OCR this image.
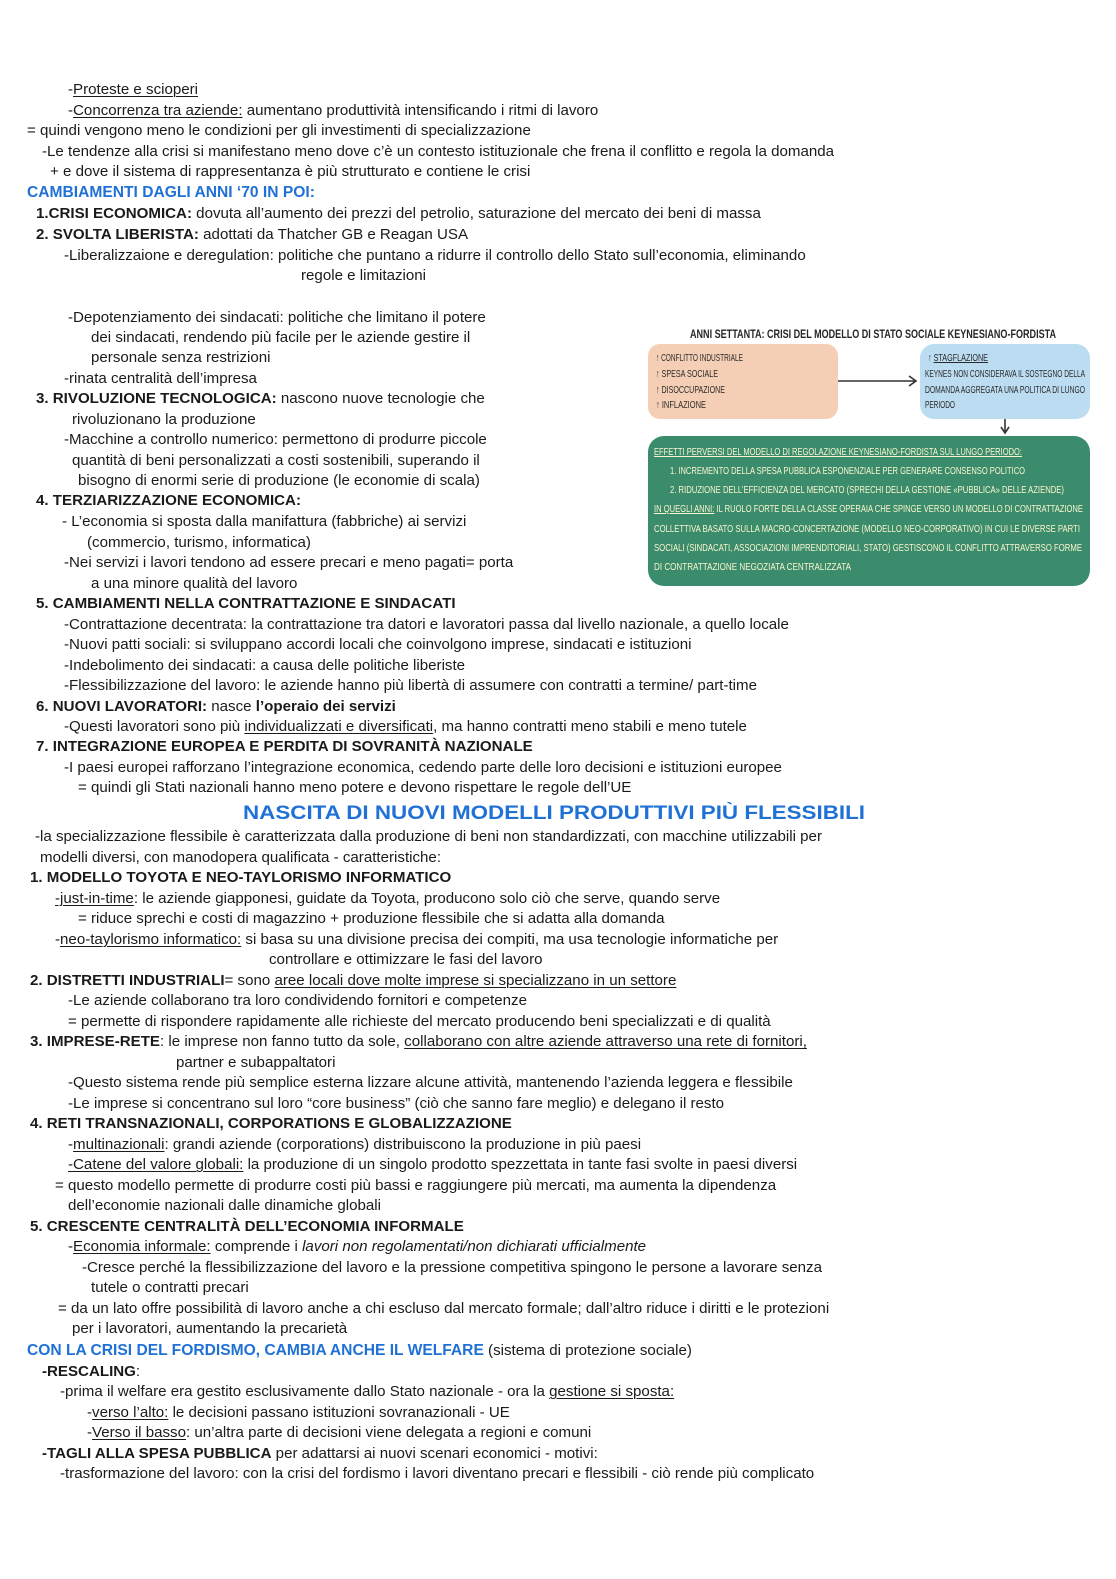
-Proteste e scioperi
-Concorrenza tra aziende: aumentano produttività intensificando i ritmi di lavoro
= quindi vengono meno le condizioni per gli investimenti di specializzazione
-Le tendenze alla crisi si manifestano meno dove c’è un contesto istituzionale che frena il conflitto e regola la domanda
+ e dove il sistema di rappresentanza è più strutturato e contiene le crisi
CAMBIAMENTI DAGLI ANNI ‘70 IN POI:
1.CRISI ECONOMICA: dovuta all’aumento dei prezzi del petrolio, saturazione del mercato dei beni di massa
2. SVOLTA LIBERISTA: adottati da Thatcher GB e Reagan USA
-Liberalizzaione e deregulation: politiche che puntano a ridurre il controllo dello Stato sull’economia, eliminando
regole e limitazioni
-Depotenziamento dei sindacati: politiche che limitano il potere
dei sindacati, rendendo più facile per le aziende gestire il
personale senza restrizioni
-rinata centralità dell’impresa
3. RIVOLUZIONE TECNOLOGICA: nascono nuove tecnologie che
rivoluzionano la produzione
-Macchine a controllo numerico: permettono di produrre piccole
quantità di beni personalizzati a costi sostenibili, superando il
bisogno di enormi serie di produzione (le economie di scala)
4. TERZIARIZZAZIONE ECONOMICA:
- L’economia si sposta dalla manifattura (fabbriche) ai servizi
(commercio, turismo, informatica)
-Nei servizi i lavori tendono ad essere precari e meno pagati= porta
a una minore qualità del lavoro
5. CAMBIAMENTI NELLA CONTRATTAZIONE E SINDACATI
-Contrattazione decentrata: la contrattazione tra datori e lavoratori passa dal livello nazionale, a quello locale
-Nuovi patti sociali: si sviluppano accordi locali che coinvolgono imprese, sindacati e istituzioni
-Indebolimento dei sindacati: a causa delle politiche liberiste
-Flessibilizzazione del lavoro: le aziende hanno più libertà di assumere con contratti a termine/ part-time
6. NUOVI LAVORATORI: nasce l’operaio dei servizi
-Questi lavoratori sono più individualizzati e diversificati, ma hanno contratti meno stabili e meno tutele
7. INTEGRAZIONE EUROPEA E PERDITA DI SOVRANITÀ NAZIONALE
-I paesi europei rafforzano l’integrazione economica, cedendo parte delle loro decisioni e istituzioni europee
= quindi gli Stati nazionali hanno meno potere e devono rispettare le regole dell’UE
NASCITA DI NUOVI MODELLI PRODUTTIVI PIÙ FLESSIBILI
-la specializzazione flessibile è caratterizzata dalla produzione di beni non standardizzati, con macchine utilizzabili per
modelli diversi, con manodopera qualificata - caratteristiche:
1. MODELLO TOYOTA E NEO-TAYLORISMO INFORMATICO
-just-in-time: le aziende giapponesi, guidate da Toyota, producono solo ciò che serve, quando serve
= riduce sprechi e costi di magazzino + produzione flessibile che si adatta alla domanda
-neo-taylorismo informatico: si basa su una divisione precisa dei compiti, ma usa tecnologie informatiche per
controllare e ottimizzare le fasi del lavoro
2. DISTRETTI INDUSTRIALI= sono aree locali dove molte imprese si specializzano in un settore
-Le aziende collaborano tra loro condividendo fornitori e competenze
= permette di rispondere rapidamente alle richieste del mercato producendo beni specializzati e di qualità
3. IMPRESE-RETE: le imprese non fanno tutto da sole, collaborano con altre aziende attraverso una rete di fornitori,
partner e subappaltatori
-Questo sistema rende più semplice esterna lizzare alcune attività, mantenendo l’azienda leggera e flessibile
-Le imprese si concentrano sul loro “core business” (ciò che sanno fare meglio) e delegano il resto
4. RETI TRANSNAZIONALI, CORPORATIONS E GLOBALIZZAZIONE
-multinazionali: grandi aziende (corporations) distribuiscono la produzione in più paesi
-Catene del valore globali: la produzione di un singolo prodotto spezzettata in tante fasi svolte in paesi diversi
= questo modello permette di produrre costi più bassi e raggiungere più mercati, ma aumenta la dipendenza
dell’economie nazionali dalle dinamiche globali
5. CRESCENTE CENTRALITÀ DELL’ECONOMIA INFORMALE
-Economia informale: comprende i lavori non regolamentati/non dichiarati ufficialmente
-Cresce perché la flessibilizzazione del lavoro e la pressione competitiva spingono le persone a lavorare senza
tutele o contratti precari
= da un lato offre possibilità di lavoro anche a chi escluso dal mercato formale; dall’altro riduce i diritti e le protezioni
per i lavoratori, aumentando la precarietà
CON LA CRISI DEL FORDISMO, CAMBIA ANCHE IL WELFARE (sistema di protezione sociale)
-RESCALING:
-prima il welfare era gestito esclusivamente dallo Stato nazionale - ora la gestione si sposta:
-verso l’alto: le decisioni passano istituzioni sovranazionali - UE
-Verso il basso: un’altra parte di decisioni viene delegata a regioni e comuni
-TAGLI ALLA SPESA PUBBLICA per adattarsi ai nuovi scenari economici - motivi:
-trasformazione del lavoro: con la crisi del fordismo i lavori diventano precari e flessibili - ciò rende più complicato
ANNI SETTANTA: CRISI DEL MODELLO DI STATO SOCIALE KEYNESIANO-FORDISTA
↑ CONFLITTO INDUSTRIALE
↑ SPESA SOCIALE
↑ DISOCCUPAZIONE
↑ INFLAZIONE
↑ STAGFLAZIONE
KEYNES NON CONSIDERAVA IL SOSTEGNO DELLA
DOMANDA AGGREGATA UNA POLITICA DI LUNGO
PERIODO
EFFETTI PERVERSI DEL MODELLO DI REGOLAZIONE KEYNESIANO-FORDISTA SUL LUNGO PERIODO:
1. INCREMENTO DELLA SPESA PUBBLICA ESPONENZIALE PER GENERARE CONSENSO POLITICO
2. RIDUZIONE DELL’EFFICIENZA DEL MERCATO (SPRECHI DELLA GESTIONE «PUBBLICA» DELLE AZIENDE)
IN QUEGLI ANNI: IL RUOLO FORTE DELLA CLASSE OPERAIA CHE SPINGE VERSO UN MODELLO DI CONTRATTAZIONE
COLLETTIVA BASATO SULLA MACRO-CONCERTAZIONE (MODELLO NEO-CORPORATIVO) IN CUI LE DIVERSE PARTI
SOCIALI (SINDACATI, ASSOCIAZIONI IMPRENDITORIALI, STATO) GESTISCONO IL CONFLITTO ATTRAVERSO FORME
DI CONTRATTAZIONE NEGOZIATA CENTRALIZZATA
